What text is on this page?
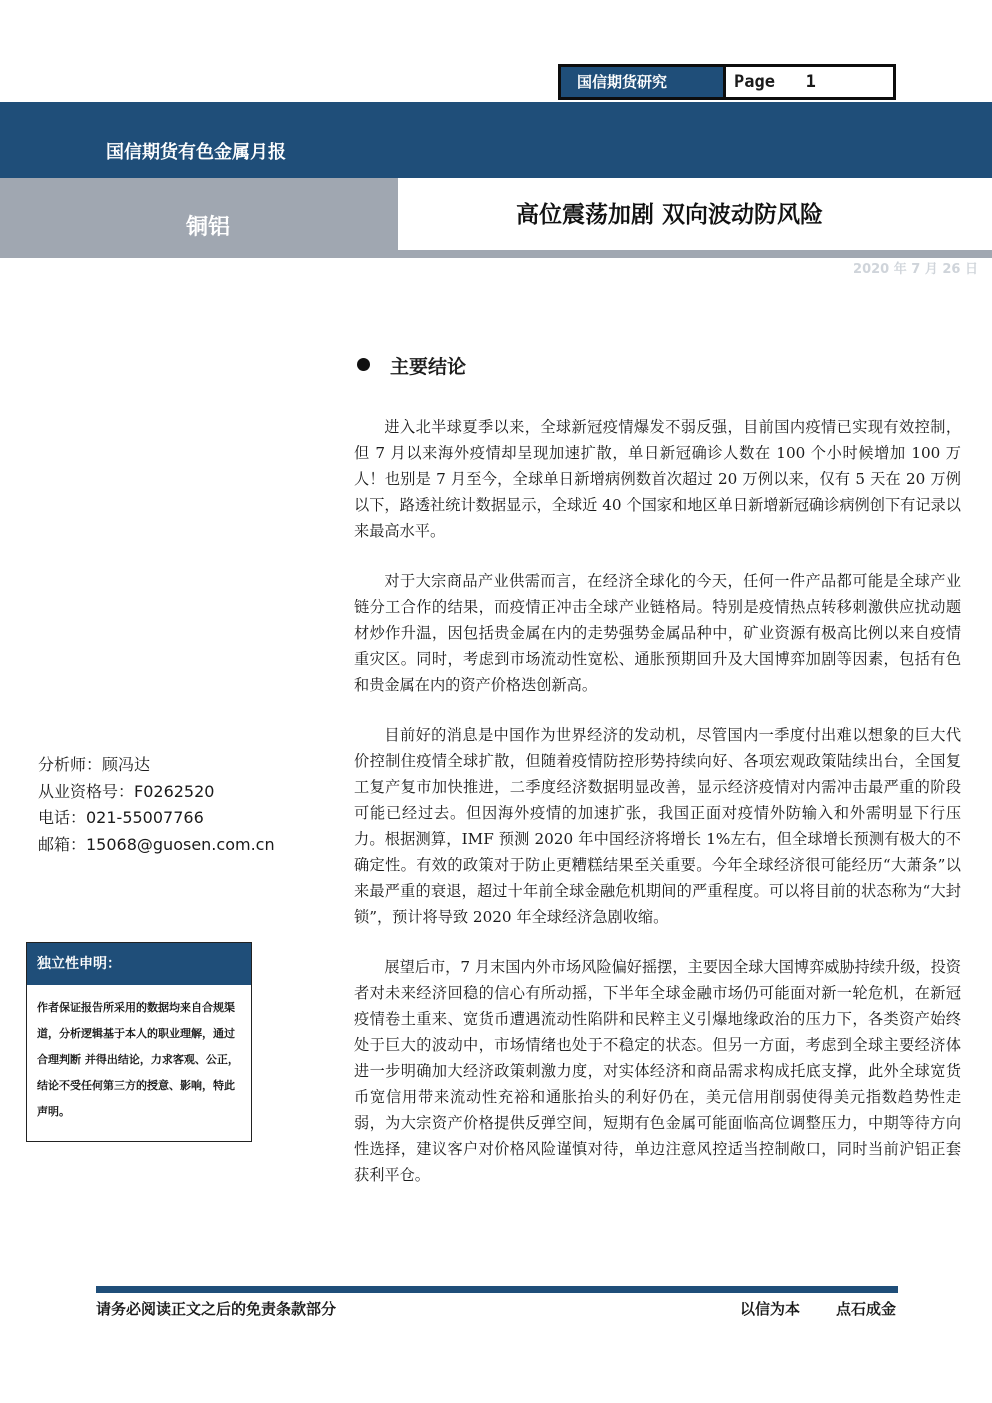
国信期货研究	Page 1
国信期货有色金属月报
铜铝	高位震荡加剧 双向波动防风险
2020 年 7 月 26 日
主要结论

进入北半球夏季以来，全球新冠疫情爆发不弱反强，目前国内疫情已实现有效控制，但 7 月以来海外疫情却呈现加速扩散，单日新冠确诊人数在 100 个小时候增加 100 万人！也别是 7 月至今，全球单日新增病例数首次超过 20 万例以来，仅有 5 天在 20 万例以下，路透社统计数据显示，全球近 40 个国家和地区单日新增新冠确诊病例创下有记录以来最高水平。

对于大宗商品产业供需而言，在经济全球化的今天，任何一件产品都可能是全球产业链分工合作的结果，而疫情正冲击全球产业链格局。特别是疫情热点转移刺激供应扰动题材炒作升温，因包括贵金属在内的走势强势金属品种中，矿业资源有极高比例以来自疫情重灾区。同时，考虑到市场流动性宽松、通胀预期回升及大国博弈加剧等因素，包括有色和贵金属在内的资产价格迭创新高。

目前好的消息是中国作为世界经济的发动机，尽管国内一季度付出难以想象的巨大代价控制住疫情全球扩散，但随着疫情防控形势持续向好、各项宏观政策陆续出台，全国复工复产复市加快推进，二季度经济数据明显改善，显示经济疫情对内需冲击最严重的阶段可能已经过去。但因海外疫情的加速扩张，我国正面对疫情外防输入和外需明显下行压力。根据测算，IMF 预测 2020 年中国经济将增长 1%左右，但全球增长预测有极大的不确定性。有效的政策对于防止更糟糕结果至关重要。今年全球经济很可能经历“大萧条”以来最严重的衰退，超过十年前全球金融危机期间的严重程度。可以将目前的状态称为“大封锁”，预计将导致 2020 年全球经济急剧收缩。

展望后市，7 月末国内外市场风险偏好摇摆，主要因全球大国博弈威胁持续升级，投资者对未来经济回稳的信心有所动摇，下半年全球金融市场仍可能面对新一轮危机，在新冠疫情卷土重来、宽货币遭遇流动性陷阱和民粹主义引爆地缘政治的压力下，各类资产始终处于巨大的波动中，市场情绪也处于不稳定的状态。但另一方面，考虑到全球主要经济体进一步明确加大经济政策刺激力度，对实体经济和商品需求构成托底支撑，此外全球宽货币宽信用带来流动性充裕和通胀抬头的利好仍在，美元信用削弱使得美元指数趋势性走弱，为大宗资产价格提供反弹空间，短期有色金属可能面临高位调整压力，中期等待方向性选择，建议客户对价格风险谨慎对待，单边注意风控适当控制敞口，同时当前沪铝正套获利平仓。

分析师：顾冯达
从业资格号：F0262520
电话：021-55007766
邮箱：15068@guosen.com.cn
独立性申明：
作者保证报告所采用的数据均来自合规渠道，分析逻辑基于本人的职业理解，通过合理判断 并得出结论，力求客观、公正，结论不受任何第三方的授意、影响，特此声明。
请务必阅读正文之后的免责条款部分	以信为本 点石成金
